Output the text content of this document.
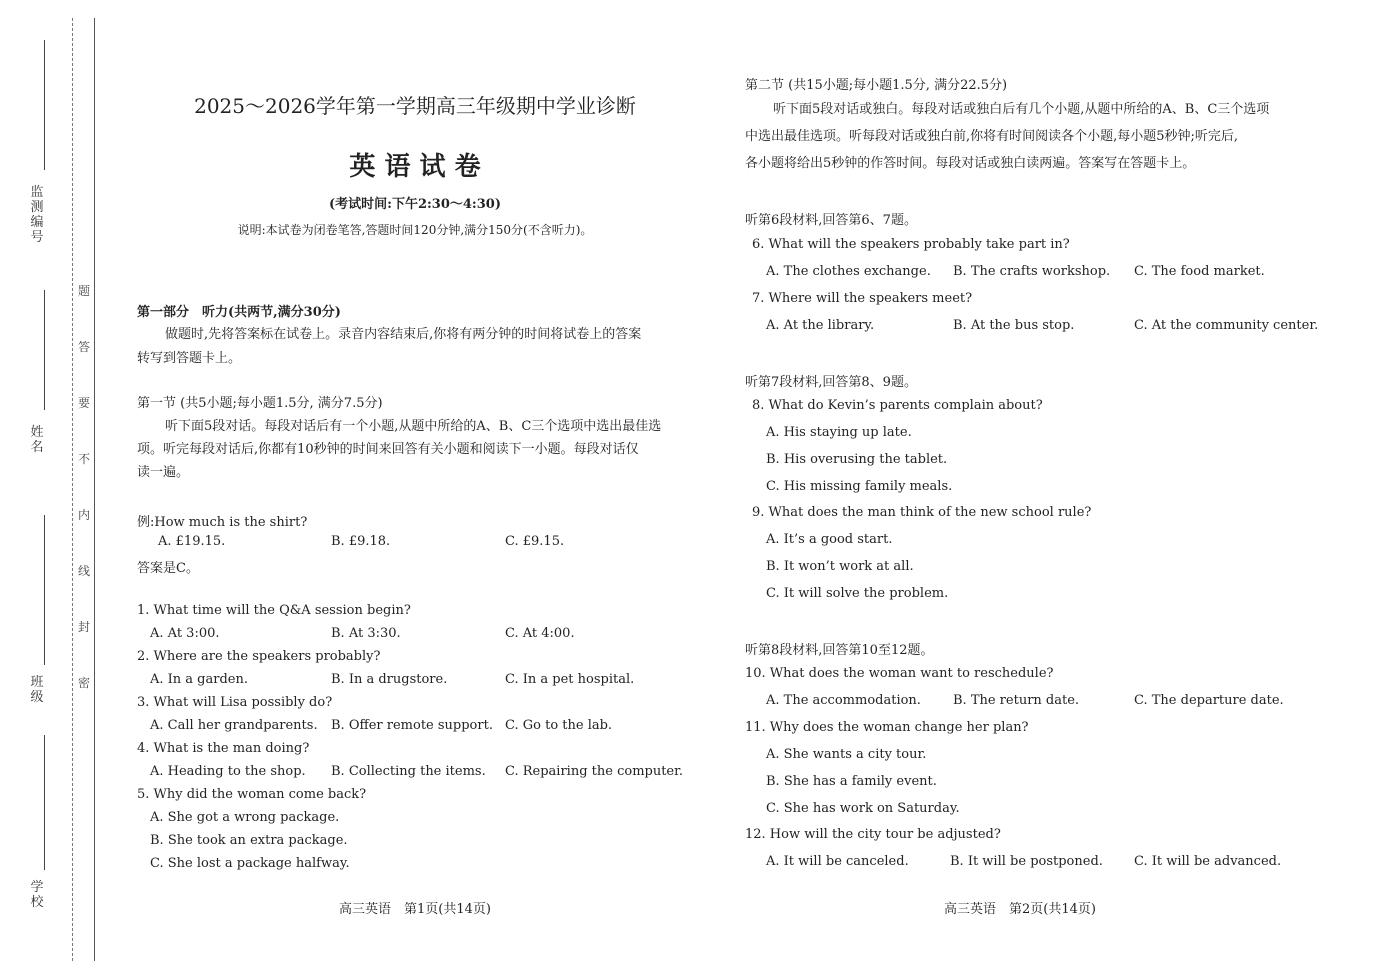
监测编号
姓　名
班　级
学　校
题
答
要
不
内
线
封
密
2025～2026学年第一学期高三年级期中学业诊断
英 语 试 卷
(考试时间:下午2:30～4:30)
说明:本试卷为闭卷笔答,答题时间120分钟,满分150分(不含听力)。
第一部分　听力(共两节,满分30分)
做题时,先将答案标在试卷上。录音内容结束后,你将有两分钟的时间将试卷上的答案
转写到答题卡上。
第一节 (共5小题;每小题1.5分, 满分7.5分)
听下面5段对话。每段对话后有一个小题,从题中所给的A、B、C三个选项中选出最佳选
项。听完每段对话后,你都有10秒钟的时间来回答有关小题和阅读下一小题。每段对话仅
读一遍。
例:How much is the shirt?
A. £19.15.	B. £9.18.	C. £9.15.
答案是C。
1. What time will the Q&A session begin?
A. At 3:00.	B. At 3:30.	C. At 4:00.
2. Where are the speakers probably?
A. In a garden.	B. In a drugstore.	C. In a pet hospital.
3. What will Lisa possibly do?
A. Call her grandparents. B. Offer remote support. C. Go to the lab.
4. What is the man doing?
A. Heading to the shop. B. Collecting the items. C. Repairing the computer.
5. Why did the woman come back?
A. She got a wrong package.
B. She took an extra package.
C. She lost a package halfway.
高三英语　第1页(共14页)
第二节 (共15小题;每小题1.5分, 满分22.5分)
听下面5段对话或独白。每段对话或独白后有几个小题,从题中所给的A、B、C三个选项
中选出最佳选项。听每段对话或独白前,你将有时间阅读各个小题,每小题5秒钟;听完后,
各小题将给出5秒钟的作答时间。每段对话或独白读两遍。答案写在答题卡上。
听第6段材料,回答第6、7题。
6. What will the speakers probably take part in?
A. The clothes exchange. B. The crafts workshop. C. The food market.
7. Where will the speakers meet?
A. At the library.	B. At the bus stop.	C. At the community center.
听第7段材料,回答第8、9题。
8. What do Kevin’s parents complain about?
A. His staying up late.
B. His overusing the tablet.
C. His missing family meals.
9. What does the man think of the new school rule?
A. It’s a good start.
B. It won’t work at all.
C. It will solve the problem.
听第8段材料,回答第10至12题。
10. What does the woman want to reschedule?
A. The accommodation. B. The return date.	C. The departure date.
11. Why does the woman change her plan?
A. She wants a city tour.
B. She has a family event.
C. She has work on Saturday.
12. How will the city tour be adjusted?
A. It will be canceled.	B. It will be postponed. C. It will be advanced.
高三英语　第2页(共14页)
